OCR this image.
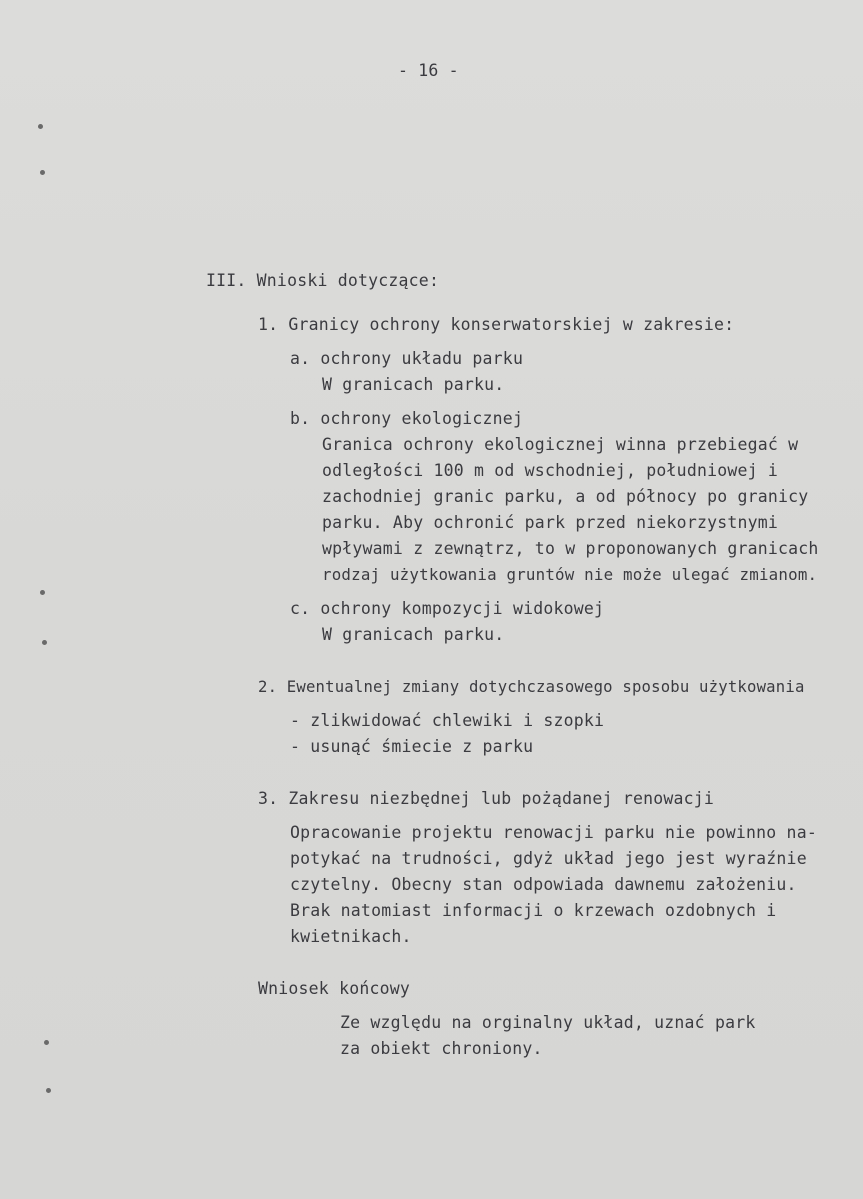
- 16 -
III. Wnioski dotyczące:
1. Granicy ochrony konserwatorskiej w zakresie:
a. ochrony układu parku
W granicach parku.
b. ochrony ekologicznej
Granica ochrony ekologicznej winna przebiegać w
odległości 100 m od wschodniej, południowej i
zachodniej granic parku, a od północy po granicy
parku. Aby ochronić park przed niekorzystnymi
wpływami z zewnątrz, to w proponowanych granicach
rodzaj użytkowania gruntów nie może ulegać zmianom.
c. ochrony kompozycji widokowej
W granicach parku.
2. Ewentualnej zmiany dotychczasowego sposobu użytkowania
- zlikwidować chlewiki i szopki
- usunąć śmiecie z parku
3. Zakresu niezbędnej lub pożądanej renowacji
Opracowanie projektu renowacji parku nie powinno na-
potykać na trudności, gdyż układ jego jest wyraźnie
czytelny. Obecny stan odpowiada dawnemu założeniu.
Brak natomiast informacji o krzewach ozdobnych i
kwietnikach.
Wniosek końcowy
Ze względu na orginalny układ, uznać park
za obiekt chroniony.
